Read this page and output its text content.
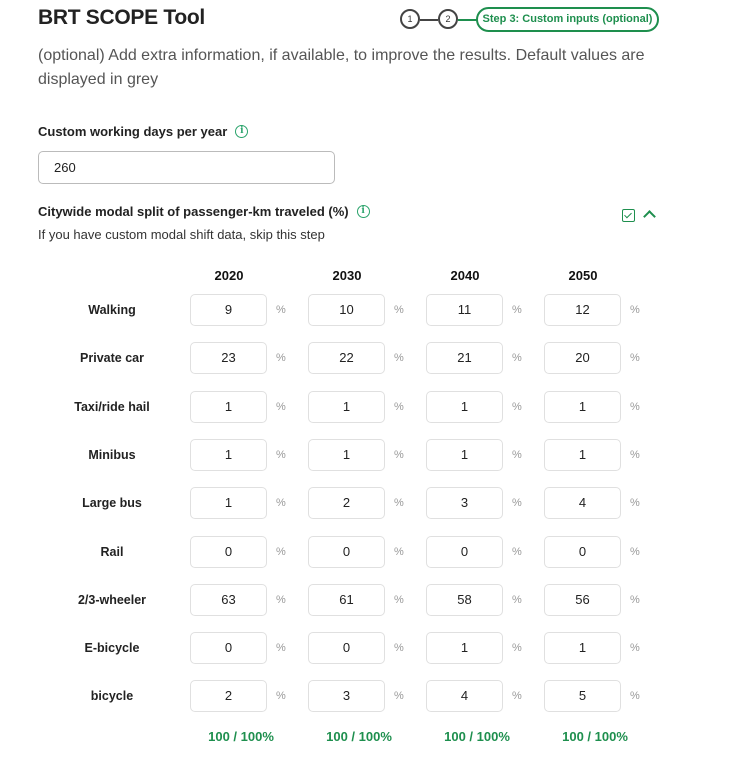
BRT SCOPE Tool	1	2	Step 3: Custom inputs (optional)
(optional) Add extra information, if available, to improve the results. Default values are displayed in grey
Custom working days per year	i
260
Citywide modal split of passenger-km traveled (%)	i
If you have custom modal shift data, skip this step
2020	2030	2040	2050
Walking	9	%	10	%	11	%	12	%
Private car	23	%	22	%	21	%	20	%
Taxi/ride hail	1	%	1	%	1	%	1	%
Minibus	1	%	1	%	1	%	1	%
Large bus	1	%	2	%	3	%	4	%
Rail	0	%	0	%	0	%	0	%
2/3-wheeler	63	%	61	%	58	%	56	%
E-bicycle	0	%	0	%	1	%	1	%
bicycle	2	%	3	%	4	%	5	%
100 / 100%	100 / 100%	100 / 100%	100 / 100%
